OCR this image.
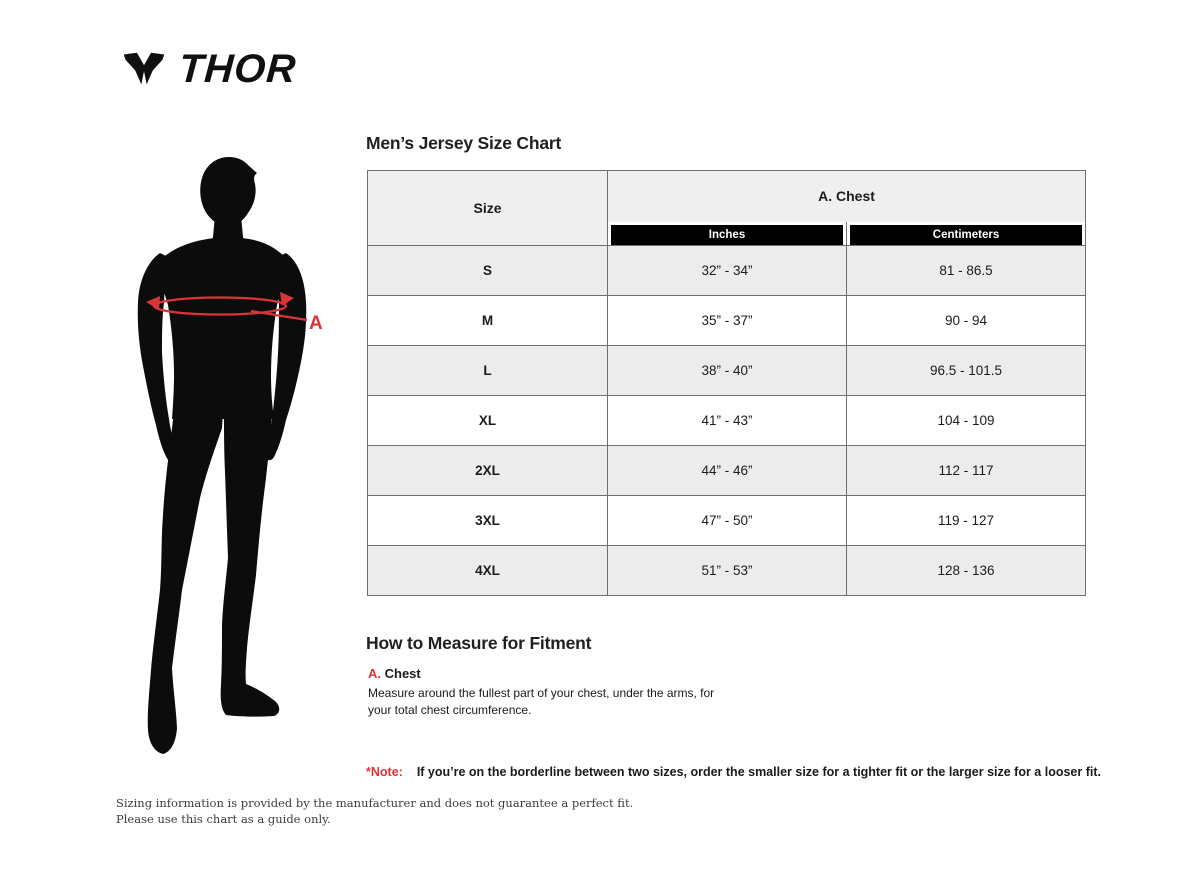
THOR
A
Men’s Jersey Size Chart
Size	A. Chest	

	Inches	Centimeters

S	32” - 34”	81 - 86.5
M	35” - 37”	90 - 94
L	38” - 40”	96.5 - 101.5
XL	41” - 43”	104 - 109
2XL	44” - 46”	112 - 117
3XL	47” - 50”	119 - 127
4XL	51” - 53”	128 - 136
How to Measure for Fitment
A. Chest

Measure around the fullest part of your chest, under the arms, for your total chest circumference.

*Note: If you’re on the borderline between two sizes, order the smaller size for a tighter fit or the larger size for a looser fit.

Sizing information is provided by the manufacturer and does not guarantee a perfect fit.
Please use this chart as a guide only.
